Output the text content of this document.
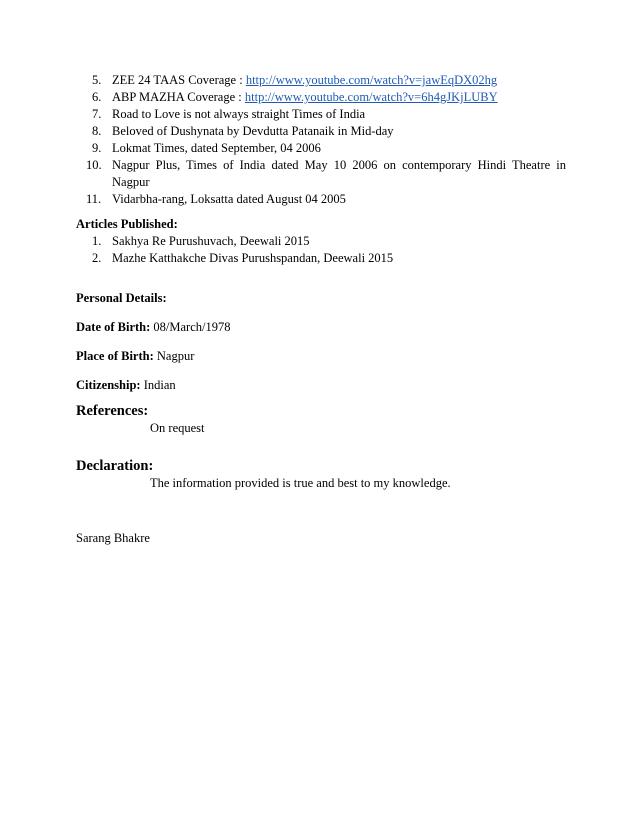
5. ZEE 24 TAAS Coverage : http://www.youtube.com/watch?v=jawEqDX02hg
6. ABP MAZHA Coverage : http://www.youtube.com/watch?v=6h4gJKjLUBY
7. Road to Love is not always straight Times of India
8. Beloved of Dushynata by Devdutta Patanaik in Mid-day
9. Lokmat Times, dated September, 04 2006
10. Nagpur Plus, Times of India dated May 10 2006 on contemporary Hindi Theatre in Nagpur
11. Vidarbha-rang, Loksatta dated August 04 2005

Articles Published:

1. Sakhya Re Purushuvach, Deewali 2015
2. Mazhe Katthakche Divas Purushspandan, Deewali 2015

Personal Details:

Date of Birth: 08/March/1978

Place of Birth: Nagpur

Citizenship: Indian

References:

On request

Declaration:

The information provided is true and best to my knowledge.

Sarang Bhakre
